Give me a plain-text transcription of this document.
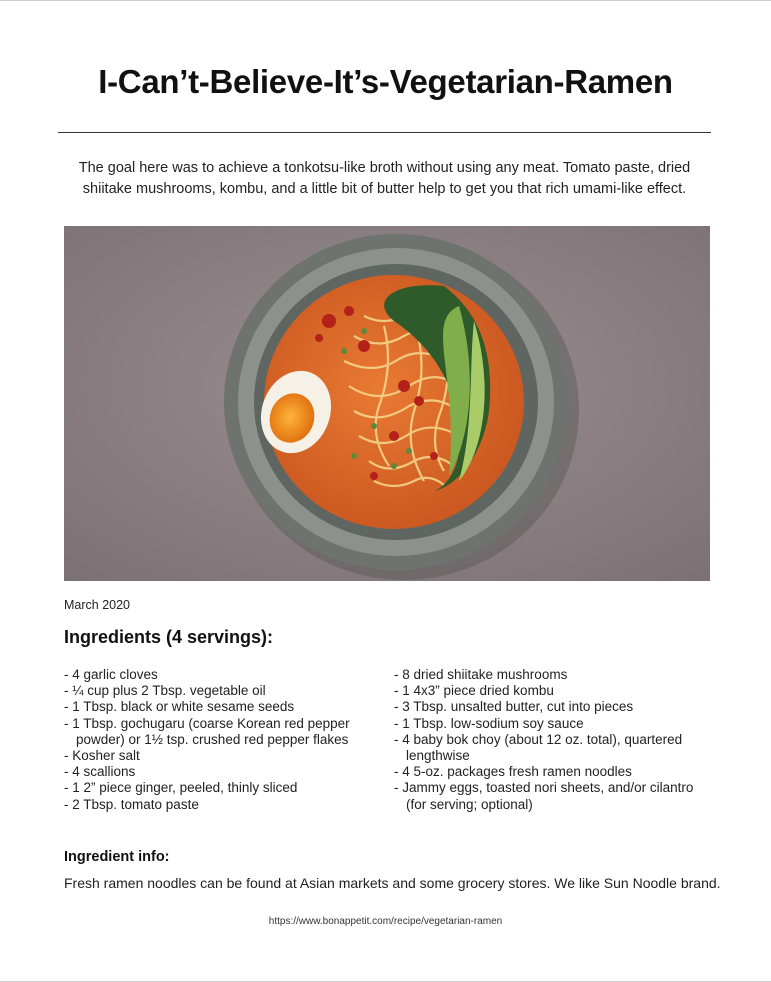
I-Can’t-Believe-It’s-Vegetarian-Ramen
The goal here was to achieve a tonkotsu-like broth without using any meat. Tomato paste, dried shiitake mushrooms, kombu, and a little bit of butter help to get you that rich umami-like effect.
March 2020
Ingredients (4 servings):
- 4 garlic cloves
- ¼ cup plus 2 Tbsp. vegetable oil
- 1 Tbsp. black or white sesame seeds
- 1 Tbsp. gochugaru (coarse Korean red pepper powder) or 1½ tsp. crushed red pepper flakes
- Kosher salt
- 4 scallions
- 1 2” piece ginger, peeled, thinly sliced
- 2 Tbsp. tomato paste
- 8 dried shiitake mushrooms
- 1 4x3” piece dried kombu
- 3 Tbsp. unsalted butter, cut into pieces
- 1 Tbsp. low-sodium soy sauce
- 4 baby bok choy (about 12 oz. total), quartered lengthwise
- 4 5-oz. packages fresh ramen noodles
- Jammy eggs, toasted nori sheets, and/or cilantro (for serving; optional)
Ingredient info:
Fresh ramen noodles can be found at Asian markets and some grocery stores. We like Sun Noodle brand.
https://www.bonappetit.com/recipe/vegetarian-ramen
